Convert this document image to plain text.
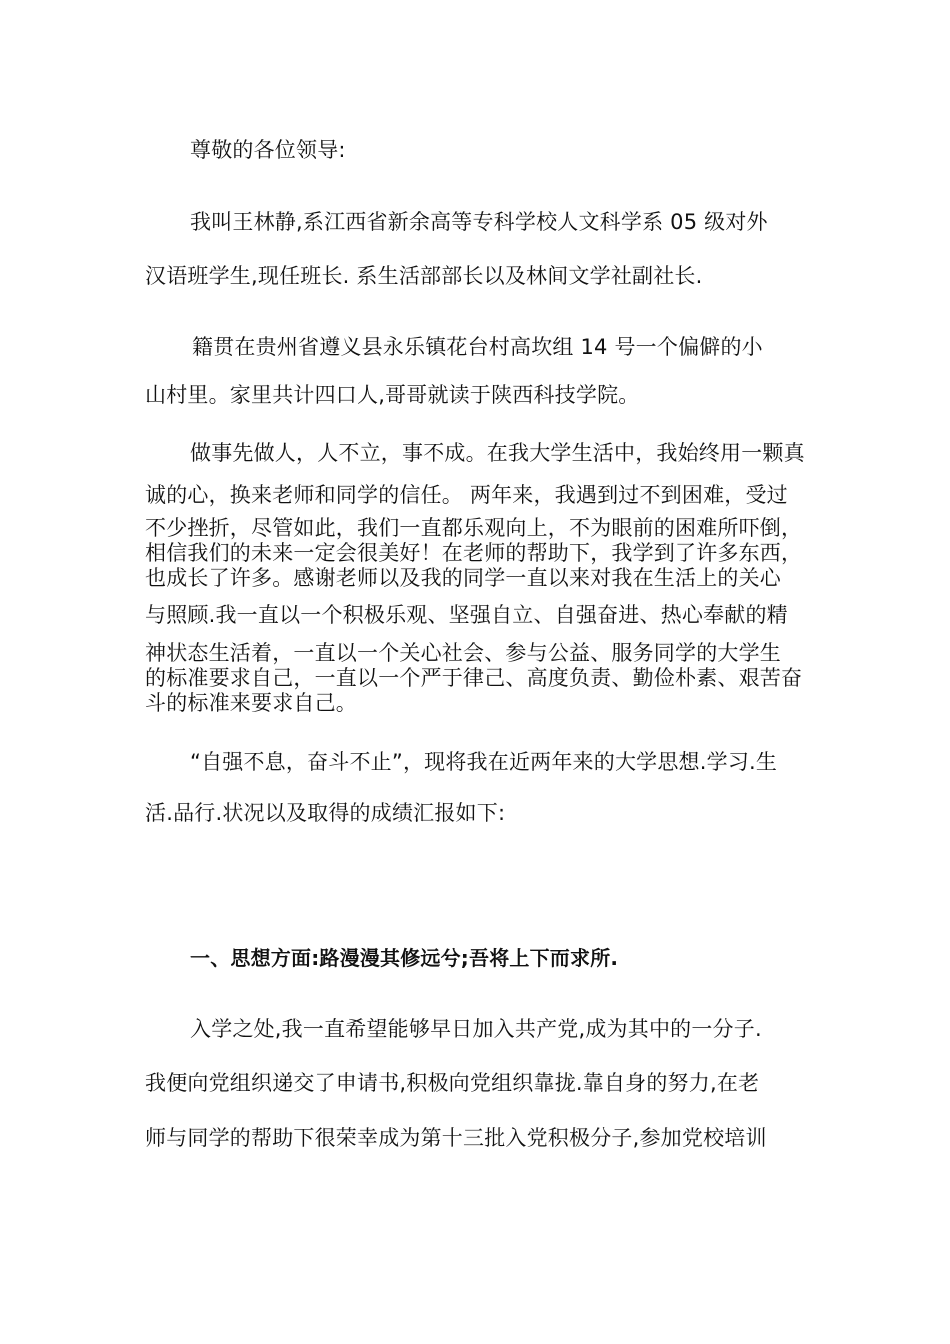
尊敬的各位领导:
我叫王林静,系江西省新余高等专科学校人文科学系 05 级对外
汉语班学生,现任班长. 系生活部部长以及林间文学社副社长.
籍贯在贵州省遵义县永乐镇花台村高坎组 14 号一个偏僻的小
山村里。家里共计四口人,哥哥就读于陕西科技学院。
做事先做人，人不立，事不成。在我大学生活中，我始终用一颗真
诚的心，换来老师和同学的信任。 两年来，我遇到过不到困难，受过
不少挫折，尽管如此，我们一直都乐观向上，不为眼前的困难所吓倒，
相信我们的未来一定会很美好！在老师的帮助下，我学到了许多东西，
也成长了许多。感谢老师以及我的同学一直以来对我在生活上的关心
与照顾.我一直以一个积极乐观、坚强自立、自强奋进、热心奉献的精
神状态生活着，一直以一个关心社会、参与公益、服务同学的大学生
的标准要求自己，一直以一个严于律己、高度负责、勤俭朴素、艰苦奋
斗的标准来要求自己。
“自强不息，奋斗不止”，现将我在近两年来的大学思想.学习.生
活.品行.状况以及取得的成绩汇报如下:
一、思想方面:路漫漫其修远兮;吾将上下而求所.
入学之处,我一直希望能够早日加入共产党,成为其中的一分子.
我便向党组织递交了申请书,积极向党组织靠拢.靠自身的努力,在老
师与同学的帮助下很荣幸成为第十三批入党积极分子,参加党校培训
